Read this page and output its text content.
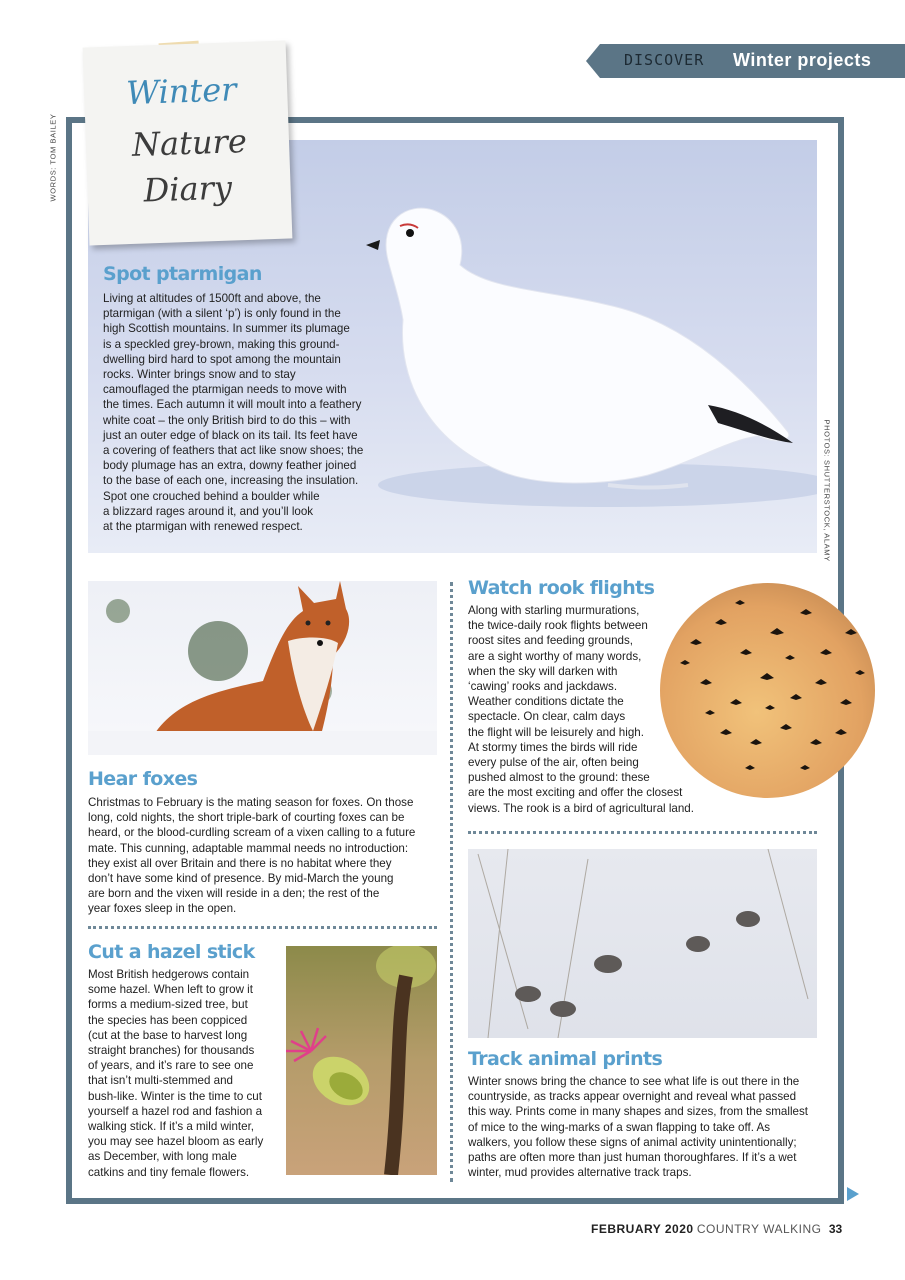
DISCOVER Winter projects
Winter
Nature
Diary
WORDS: TOM BAILEY
PHOTOS: SHUTTERSTOCK, ALAMY
Spot ptarmigan
Living at altitudes of 1500ft and above, the
ptarmigan (with a silent ‘p’) is only found in the
high Scottish mountains. In summer its plumage
is a speckled grey-brown, making this ground-
dwelling bird hard to spot among the mountain
rocks. Winter brings snow and to stay
camouflaged the ptarmigan needs to move with
the times. Each autumn it will moult into a feathery
white coat – the only British bird to do this – with
just an outer edge of black on its tail. Its feet have
a covering of feathers that act like snow shoes; the
body plumage has an extra, downy feather joined
to the base of each one, increasing the insulation.
Spot one crouched behind a boulder while
a blizzard rages around it, and you’ll look
at the ptarmigan with renewed respect.
Hear foxes
Christmas to February is the mating season for foxes. On those
long, cold nights, the short triple-bark of courting foxes can be
heard, or the blood-curdling scream of a vixen calling to a future
mate. This cunning, adaptable mammal needs no introduction:
they exist all over Britain and there is no habitat where they
don’t have some kind of presence. By mid-March the young
are born and the vixen will reside in a den; the rest of the
year foxes sleep in the open.
Cut a hazel stick
Most British hedgerows contain
some hazel. When left to grow it
forms a medium-sized tree, but
the species has been coppiced
(cut at the base to harvest long
straight branches) for thousands
of years, and it’s rare to see one
that isn’t multi-stemmed and
bush-like. Winter is the time to cut
yourself a hazel rod and fashion a
walking stick. If it’s a mild winter,
you may see hazel bloom as early
as December, with long male
catkins and tiny female flowers.
Watch rook flights
Along with starling murmurations,
the twice-daily rook flights between
roost sites and feeding grounds,
are a sight worthy of many words,
when the sky will darken with
‘cawing’ rooks and jackdaws.
Weather conditions dictate the
spectacle. On clear, calm days
the flight will be leisurely and high.
At stormy times the birds will ride
every pulse of the air, often being
pushed almost to the ground: these
are the most exciting and offer the closest
views. The rook is a bird of agricultural land.
Track animal prints
Winter snows bring the chance to see what life is out there in the
countryside, as tracks appear overnight and reveal what passed
this way. Prints come in many shapes and sizes, from the smallest
of mice to the wing-marks of a swan flapping to take off. As
walkers, you follow these signs of animal activity unintentionally;
paths are often more than just human thoroughfares. If it’s a wet
winter, mud provides alternative track traps.
FEBRUARY 2020 COUNTRY WALKING 33
